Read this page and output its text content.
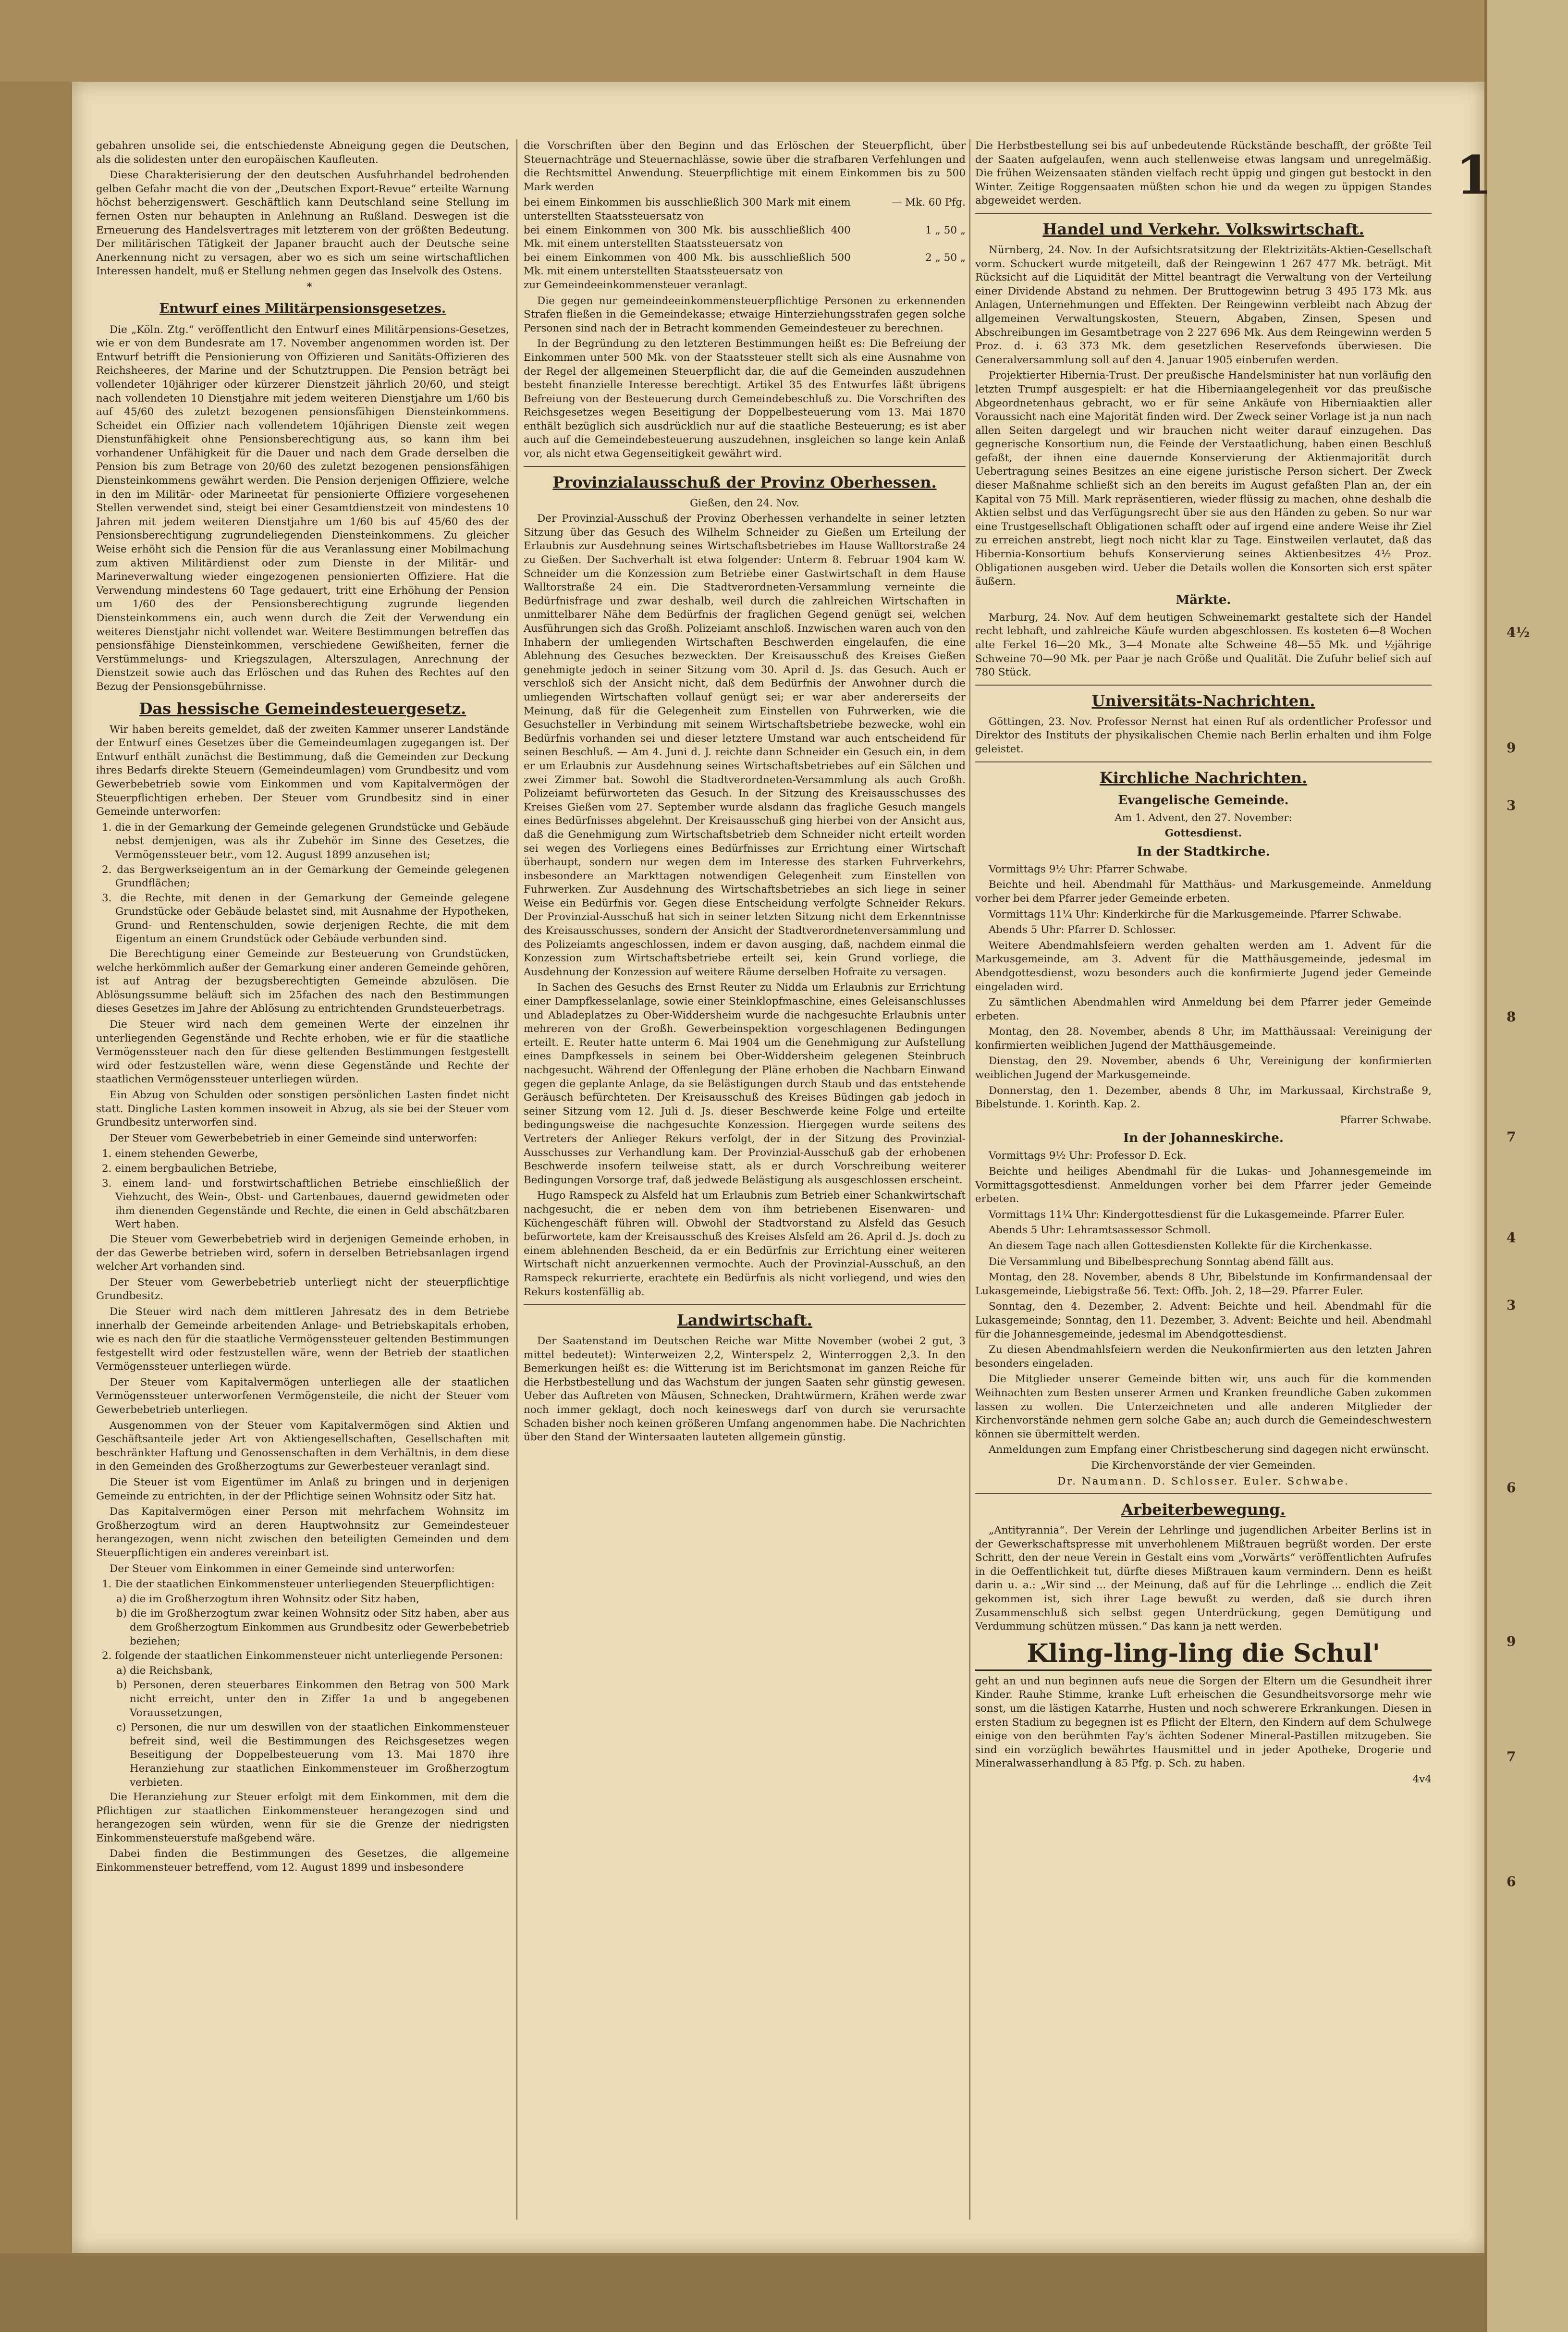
4½
9
3
8
7
4
3
6
9
7
6
1

gebahren unsolide sei, die entschiedenste Abneigung gegen die Deutschen, als die solidesten unter den europäischen Kaufleuten.

Diese Charakterisierung der den deutschen Ausfuhrhandel bedrohenden gelben Gefahr macht die von der „Deutschen Export-Revue“ erteilte Warnung höchst beherzigenswert. Geschäftlich kann Deutschland seine Stellung im fernen Osten nur behaupten in Anlehnung an Rußland. Deswegen ist die Erneuerung des Handelsvertrages mit letzterem von der größten Bedeutung. Der militärischen Tätigkeit der Japaner braucht auch der Deutsche seine Anerkennung nicht zu versagen, aber wo es sich um seine wirtschaftlichen Interessen handelt, muß er Stellung nehmen gegen das Inselvolk des Ostens.

*

Entwurf eines Militärpensionsgesetzes.

Die „Köln. Ztg.“ veröffentlicht den Entwurf eines Militärpensions-Gesetzes, wie er von dem Bundesrate am 17. November angenommen worden ist. Der Entwurf betrifft die Pensionierung von Offizieren und Sanitäts-Offizieren des Reichsheeres, der Marine und der Schutztruppen. Die Pension beträgt bei vollendeter 10jähriger oder kürzerer Dienstzeit jährlich 20/60, und steigt nach vollendeten 10 Dienstjahre mit jedem weiteren Dienstjahre um 1/60 bis auf 45/60 des zuletzt bezogenen pensionsfähigen Diensteinkommens. Scheidet ein Offizier nach vollendetem 10jährigen Dienste zeit wegen Dienstunfähigkeit ohne Pensionsberechtigung aus, so kann ihm bei vorhandener Unfähigkeit für die Dauer und nach dem Grade derselben die Pension bis zum Betrage von 20/60 des zuletzt bezogenen pensionsfähigen Diensteinkommens gewährt werden. Die Pension derjenigen Offiziere, welche in den im Militär- oder Marineetat für pensionierte Offiziere vorgesehenen Stellen verwendet sind, steigt bei einer Gesamtdienstzeit von mindestens 10 Jahren mit jedem weiteren Dienstjahre um 1/60 bis auf 45/60 des der Pensionsberechtigung zugrundeliegenden Diensteinkommens. Zu gleicher Weise erhöht sich die Pension für die aus Veranlassung einer Mobilmachung zum aktiven Militärdienst oder zum Dienste in der Militär- und Marineverwaltung wieder eingezogenen pensionierten Offiziere. Hat die Verwendung mindestens 60 Tage gedauert, tritt eine Erhöhung der Pension um 1/60 des der Pensionsberechtigung zugrunde liegenden Diensteinkommens ein, auch wenn durch die Zeit der Verwendung ein weiteres Dienstjahr nicht vollendet war. Weitere Bestimmungen betreffen das pensionsfähige Diensteinkommen, verschiedene Gewißheiten, ferner die Verstümmelungs- und Kriegszulagen, Alterszulagen, Anrechnung der Dienstzeit sowie auch das Erlöschen und das Ruhen des Rechtes auf den Bezug der Pensionsgebührnisse.

Das hessische Gemeindesteuergesetz.

Wir haben bereits gemeldet, daß der zweiten Kammer unserer Landstände der Entwurf eines Gesetzes über die Gemeindeumlagen zugegangen ist. Der Entwurf enthält zunächst die Bestimmung, daß die Gemeinden zur Deckung ihres Bedarfs direkte Steuern (Gemeindeumlagen) vom Grundbesitz und vom Gewerbebetrieb sowie vom Einkommen und vom Kapitalvermögen der Steuerpflichtigen erheben. Der Steuer vom Grundbesitz sind in einer Gemeinde unterworfen:

1. die in der Gemarkung der Gemeinde gelegenen Grundstücke und Gebäude nebst demjenigen, was als ihr Zubehör im Sinne des Gesetzes, die Vermögenssteuer betr., vom 12. August 1899 anzusehen ist;

2. das Bergwerkseigentum an in der Gemarkung der Gemeinde gelegenen Grundflächen;

3. die Rechte, mit denen in der Gemarkung der Gemeinde gelegene Grundstücke oder Gebäude belastet sind, mit Ausnahme der Hypotheken, Grund- und Rentenschulden, sowie derjenigen Rechte, die mit dem Eigentum an einem Grundstück oder Gebäude verbunden sind.

Die Berechtigung einer Gemeinde zur Besteuerung von Grundstücken, welche herkömmlich außer der Gemarkung einer anderen Gemeinde gehören, ist auf Antrag der bezugsberechtigten Gemeinde abzulösen. Die Ablösungssumme beläuft sich im 25fachen des nach den Bestimmungen dieses Gesetzes im Jahre der Ablösung zu entrichtenden Grundsteuerbetrags.

Die Steuer wird nach dem gemeinen Werte der einzelnen ihr unterliegenden Gegenstände und Rechte erhoben, wie er für die staatliche Vermögenssteuer nach den für diese geltenden Bestimmungen festgestellt wird oder festzustellen wäre, wenn diese Gegenstände und Rechte der staatlichen Vermögenssteuer unterliegen würden.

Ein Abzug von Schulden oder sonstigen persönlichen Lasten findet nicht statt. Dingliche Lasten kommen insoweit in Abzug, als sie bei der Steuer vom Grundbesitz unterworfen sind.

Der Steuer vom Gewerbebetrieb in einer Gemeinde sind unterworfen:

1. einem stehenden Gewerbe,

2. einem bergbaulichen Betriebe,

3. einem land- und forstwirtschaftlichen Betriebe einschließlich der Viehzucht, des Wein-, Obst- und Gartenbaues, dauernd gewidmeten oder ihm dienenden Gegenstände und Rechte, die einen in Geld abschätzbaren Wert haben.

Die Steuer vom Gewerbebetrieb wird in derjenigen Gemeinde erhoben, in der das Gewerbe betrieben wird, sofern in derselben Betriebsanlagen irgend welcher Art vorhanden sind.

Der Steuer vom Gewerbebetrieb unterliegt nicht der steuerpflichtige Grundbesitz.

Die Steuer wird nach dem mittleren Jahresatz des in dem Betriebe innerhalb der Gemeinde arbeitenden Anlage- und Betriebskapitals erhoben, wie es nach den für die staatliche Vermögenssteuer geltenden Bestimmungen festgestellt wird oder festzustellen wäre, wenn der Betrieb der staatlichen Vermögenssteuer unterliegen würde.

Der Steuer vom Kapitalvermögen unterliegen alle der staatlichen Vermögenssteuer unterworfenen Vermögensteile, die nicht der Steuer vom Gewerbebetrieb unterliegen.

Ausgenommen von der Steuer vom Kapitalvermögen sind Aktien und Geschäftsanteile jeder Art von Aktiengesellschaften, Gesellschaften mit beschränkter Haftung und Genossenschaften in dem Verhältnis, in dem diese in den Gemeinden des Großherzogtums zur Gewerbesteuer veranlagt sind.

Die Steuer ist vom Eigentümer im Anlaß zu bringen und in derjenigen Gemeinde zu entrichten, in der der Pflichtige seinen Wohnsitz oder Sitz hat.

Das Kapitalvermögen einer Person mit mehrfachem Wohnsitz im Großherzogtum wird an deren Hauptwohnsitz zur Gemeindesteuer herangezogen, wenn nicht zwischen den beteiligten Gemeinden und dem Steuerpflichtigen ein anderes vereinbart ist.

Der Steuer vom Einkommen in einer Gemeinde sind unterworfen:

1. Die der staatlichen Einkommensteuer unterliegenden Steuerpflichtigen:

a) die im Großherzogtum ihren Wohnsitz oder Sitz haben,

b) die im Großherzogtum zwar keinen Wohnsitz oder Sitz haben, aber aus dem Großherzogtum Einkommen aus Grundbesitz oder Gewerbebetrieb beziehen;

2. folgende der staatlichen Einkommensteuer nicht unterliegende Personen:

a) die Reichsbank,

b) Personen, deren steuerbares Einkommen den Betrag von 500 Mark nicht erreicht, unter den in Ziffer 1a und b angegebenen Voraussetzungen,

c) Personen, die nur um deswillen von der staatlichen Einkommensteuer befreit sind, weil die Bestimmungen des Reichsgesetzes wegen Beseitigung der Doppelbesteuerung vom 13. Mai 1870 ihre Heranziehung zur staatlichen Einkommensteuer im Großherzogtum verbieten.

Die Heranziehung zur Steuer erfolgt mit dem Einkommen, mit dem die Pflichtigen zur staatlichen Einkommensteuer herangezogen sind und herangezogen sein würden, wenn für sie die Grenze der niedrigsten Einkommensteuerstufe maßgebend wäre.

Dabei finden die Bestimmungen des Gesetzes, die allgemeine Einkommensteuer betreffend, vom 12. August 1899 und insbesondere

die Vorschriften über den Beginn und das Erlöschen der Steuerpflicht, über Steuernachträge und Steuernachlässe, sowie über die strafbaren Verfehlungen und die Rechtsmittel Anwendung. Steuerpflichtige mit einem Einkommen bis zu 500 Mark werden

bei einem Einkommen bis ausschließlich 300 Mark mit einem unterstellten Staatssteuersatz von
— Mk. 60 Pfg.
bei einem Einkommen von 300 Mk. bis ausschließlich 400 Mk. mit einem unterstellten Staatssteuersatz von
1 „ 50 „
bei einem Einkommen von 400 Mk. bis ausschließlich 500 Mk. mit einem unterstellten Staatssteuersatz von
2 „ 50 „

zur Gemeindeeinkommensteuer veranlagt.

Die gegen nur gemeindeeinkommensteuerpflichtige Personen zu erkennenden Strafen fließen in die Gemeindekasse; etwaige Hinterziehungsstrafen gegen solche Personen sind nach der in Betracht kommenden Gemeindesteuer zu berechnen.

In der Begründung zu den letzteren Bestimmungen heißt es: Die Befreiung der Einkommen unter 500 Mk. von der Staatssteuer stellt sich als eine Ausnahme von der Regel der allgemeinen Steuerpflicht dar, die auf die Gemeinden auszudehnen besteht finanzielle Interesse berechtigt. Artikel 35 des Entwurfes läßt übrigens Befreiung von der Besteuerung durch Gemeindebeschluß zu. Die Vorschriften des Reichsgesetzes wegen Beseitigung der Doppelbesteuerung vom 13. Mai 1870 enthält bezüglich sich ausdrücklich nur auf die staatliche Besteuerung; es ist aber auch auf die Gemeindebesteuerung auszudehnen, insgleichen so lange kein Anlaß vor, als nicht etwa Gegenseitigkeit gewährt wird.

Provinzialausschuß der Provinz Oberhessen.

Gießen, den 24. Nov.

Der Provinzial-Ausschuß der Provinz Oberhessen verhandelte in seiner letzten Sitzung über das Gesuch des Wilhelm Schneider zu Gießen um Erteilung der Erlaubnis zur Ausdehnung seines Wirtschaftsbetriebes im Hause Walltorstraße 24 zu Gießen. Der Sachverhalt ist etwa folgender: Unterm 8. Februar 1904 kam W. Schneider um die Konzession zum Betriebe einer Gastwirtschaft in dem Hause Walltorstraße 24 ein. Die Stadtverordneten-Versammlung verneinte die Bedürfnisfrage und zwar deshalb, weil durch die zahlreichen Wirtschaften in unmittelbarer Nähe dem Bedürfnis der fraglichen Gegend genügt sei, welchen Ausführungen sich das Großh. Polizeiamt anschloß. Inzwischen waren auch von den Inhabern der umliegenden Wirtschaften Beschwerden eingelaufen, die eine Ablehnung des Gesuches bezweckten. Der Kreisausschuß des Kreises Gießen genehmigte jedoch in seiner Sitzung vom 30. April d. Js. das Gesuch. Auch er verschloß sich der Ansicht nicht, daß dem Bedürfnis der Anwohner durch die umliegenden Wirtschaften vollauf genügt sei; er war aber andererseits der Meinung, daß für die Gelegenheit zum Einstellen von Fuhrwerken, wie die Gesuchsteller in Verbindung mit seinem Wirtschaftsbetriebe bezwecke, wohl ein Bedürfnis vorhanden sei und dieser letztere Umstand war auch entscheidend für seinen Beschluß. — Am 4. Juni d. J. reichte dann Schneider ein Gesuch ein, in dem er um Erlaubnis zur Ausdehnung seines Wirtschaftsbetriebes auf ein Sälchen und zwei Zimmer bat. Sowohl die Stadtverordneten-Versammlung als auch Großh. Polizeiamt befürworteten das Gesuch. In der Sitzung des Kreisausschusses des Kreises Gießen vom 27. September wurde alsdann das fragliche Gesuch mangels eines Bedürfnisses abgelehnt. Der Kreisausschuß ging hierbei von der Ansicht aus, daß die Genehmigung zum Wirtschaftsbetrieb dem Schneider nicht erteilt worden sei wegen des Vorliegens eines Bedürfnisses zur Errichtung einer Wirtschaft überhaupt, sondern nur wegen dem im Interesse des starken Fuhrverkehrs, insbesondere an Markttagen notwendigen Gelegenheit zum Einstellen von Fuhrwerken. Zur Ausdehnung des Wirtschaftsbetriebes an sich liege in seiner Weise ein Bedürfnis vor. Gegen diese Entscheidung verfolgte Schneider Rekurs. Der Provinzial-Ausschuß hat sich in seiner letzten Sitzung nicht dem Erkenntnisse des Kreisausschusses, sondern der Ansicht der Stadtverordnetenversammlung und des Polizeiamts angeschlossen, indem er davon ausging, daß, nachdem einmal die Konzession zum Wirtschaftsbetriebe erteilt sei, kein Grund vorliege, die Ausdehnung der Konzession auf weitere Räume derselben Hofraite zu versagen.

In Sachen des Gesuchs des Ernst Reuter zu Nidda um Erlaubnis zur Errichtung einer Dampfkesselanlage, sowie einer Steinklopfmaschine, eines Geleisanschlusses und Abladeplatzes zu Ober-Widdersheim wurde die nachgesuchte Erlaubnis unter mehreren von der Großh. Gewerbeinspektion vorgeschlagenen Bedingungen erteilt. E. Reuter hatte unterm 6. Mai 1904 um die Genehmigung zur Aufstellung eines Dampfkessels in seinem bei Ober-Widdersheim gelegenen Steinbruch nachgesucht. Während der Offenlegung der Pläne erhoben die Nachbarn Einwand gegen die geplante Anlage, da sie Belästigungen durch Staub und das entstehende Geräusch befürchteten. Der Kreisausschuß des Kreises Büdingen gab jedoch in seiner Sitzung vom 12. Juli d. Js. dieser Beschwerde keine Folge und erteilte bedingungsweise die nachgesuchte Konzession. Hiergegen wurde seitens des Vertreters der Anlieger Rekurs verfolgt, der in der Sitzung des Provinzial-Ausschusses zur Verhandlung kam. Der Provinzial-Ausschuß gab der erhobenen Beschwerde insofern teilweise statt, als er durch Vorschreibung weiterer Bedingungen Vorsorge traf, daß jedwede Belästigung als ausgeschlossen erscheint.

Hugo Ramspeck zu Alsfeld hat um Erlaubnis zum Betrieb einer Schankwirtschaft nachgesucht, die er neben dem von ihm betriebenen Eisenwaren- und Küchengeschäft führen will. Obwohl der Stadtvorstand zu Alsfeld das Gesuch befürwortete, kam der Kreisausschuß des Kreises Alsfeld am 26. April d. Js. doch zu einem ablehnenden Bescheid, da er ein Bedürfnis zur Errichtung einer weiteren Wirtschaft nicht anzuerkennen vermochte. Auch der Provinzial-Ausschuß, an den Ramspeck rekurrierte, erachtete ein Bedürfnis als nicht vorliegend, und wies den Rekurs kostenfällig ab.

Landwirtschaft.

Der Saatenstand im Deutschen Reiche war Mitte November (wobei 2 gut, 3 mittel bedeutet): Winterweizen 2,2, Winterspelz 2, Winterroggen 2,3. In den Bemerkungen heißt es: die Witterung ist im Berichtsmonat im ganzen Reiche für die Herbstbestellung und das Wachstum der jungen Saaten sehr günstig gewesen. Ueber das Auftreten von Mäusen, Schnecken, Drahtwürmern, Krähen werde zwar noch immer geklagt, doch noch keineswegs darf von durch sie verursachte Schaden bisher noch keinen größeren Umfang angenommen habe. Die Nachrichten über den Stand der Wintersaaten lauteten allgemein günstig.

Die Herbstbestellung sei bis auf unbedeutende Rückstände beschafft, der größte Teil der Saaten aufgelaufen, wenn auch stellenweise etwas langsam und unregelmäßig. Die frühen Weizensaaten ständen vielfach recht üppig und gingen gut bestockt in den Winter. Zeitige Roggensaaten müßten schon hie und da wegen zu üppigen Standes abgeweidet werden.

Handel und Verkehr. Volkswirtschaft.

Nürnberg, 24. Nov. In der Aufsichtsratsitzung der Elektrizitäts-Aktien-Gesellschaft vorm. Schuckert wurde mitgeteilt, daß der Reingewinn 1 267 477 Mk. beträgt. Mit Rücksicht auf die Liquidität der Mittel beantragt die Verwaltung von der Verteilung einer Dividende Abstand zu nehmen. Der Bruttogewinn betrug 3 495 173 Mk. aus Anlagen, Unternehmungen und Effekten. Der Reingewinn verbleibt nach Abzug der allgemeinen Verwaltungskosten, Steuern, Abgaben, Zinsen, Spesen und Abschreibungen im Gesamtbetrage von 2 227 696 Mk. Aus dem Reingewinn werden 5 Proz. d. i. 63 373 Mk. dem gesetzlichen Reservefonds überwiesen. Die Generalversammlung soll auf den 4. Januar 1905 einberufen werden.

Projektierter Hibernia-Trust. Der preußische Handelsminister hat nun vorläufig den letzten Trumpf ausgespielt: er hat die Hiberniaangelegenheit vor das preußische Abgeordnetenhaus gebracht, wo er für seine Ankäufe von Hiberniaaktien aller Voraussicht nach eine Majorität finden wird. Der Zweck seiner Vorlage ist ja nun nach allen Seiten dargelegt und wir brauchen nicht weiter darauf einzugehen. Das gegnerische Konsortium nun, die Feinde der Verstaatlichung, haben einen Beschluß gefaßt, der ihnen eine dauernde Konservierung der Aktienmajorität durch Uebertragung seines Besitzes an eine eigene juristische Person sichert. Der Zweck dieser Maßnahme schließt sich an den bereits im August gefaßten Plan an, der ein Kapital von 75 Mill. Mark repräsentieren, wieder flüssig zu machen, ohne deshalb die Aktien selbst und das Verfügungsrecht über sie aus den Händen zu geben. So nur war eine Trustgesellschaft Obligationen schafft oder auf irgend eine andere Weise ihr Ziel zu erreichen anstrebt, liegt noch nicht klar zu Tage. Einstweilen verlautet, daß das Hibernia-Konsortium behufs Konservierung seines Aktienbesitzes 4½ Proz. Obligationen ausgeben wird. Ueber die Details wollen die Konsorten sich erst später äußern.

Märkte.

Marburg, 24. Nov. Auf dem heutigen Schweinemarkt gestaltete sich der Handel recht lebhaft, und zahlreiche Käufe wurden abgeschlossen. Es kosteten 6—8 Wochen alte Ferkel 16—20 Mk., 3—4 Monate alte Schweine 48—55 Mk. und ½jährige Schweine 70—90 Mk. per Paar je nach Größe und Qualität. Die Zufuhr belief sich auf 780 Stück.

Universitäts-Nachrichten.

Göttingen, 23. Nov. Professor Nernst hat einen Ruf als ordentlicher Professor und Direktor des Instituts der physikalischen Chemie nach Berlin erhalten und ihm Folge geleistet.

Kirchliche Nachrichten.
Evangelische Gemeinde.

Am 1. Advent, den 27. November:

Gottesdienst.

In der Stadtkirche.

Vormittags 9½ Uhr: Pfarrer Schwabe.

Beichte und heil. Abendmahl für Matthäus- und Markusgemeinde. Anmeldung vorher bei dem Pfarrer jeder Gemeinde erbeten.

Vormittags 11¼ Uhr: Kinderkirche für die Markusgemeinde. Pfarrer Schwabe.

Abends 5 Uhr: Pfarrer D. Schlosser.

Weitere Abendmahlsfeiern werden gehalten werden am 1. Advent für die Markusgemeinde, am 3. Advent für die Matthäusgemeinde, jedesmal im Abendgottesdienst, wozu besonders auch die konfirmierte Jugend jeder Gemeinde eingeladen wird.

Zu sämtlichen Abendmahlen wird Anmeldung bei dem Pfarrer jeder Gemeinde erbeten.

Montag, den 28. November, abends 8 Uhr, im Matthäussaal: Vereinigung der konfirmierten weiblichen Jugend der Matthäusgemeinde.

Dienstag, den 29. November, abends 6 Uhr, Vereinigung der konfirmierten weiblichen Jugend der Markusgemeinde.

Donnerstag, den 1. Dezember, abends 8 Uhr, im Markussaal, Kirchstraße 9, Bibelstunde. 1. Korinth. Kap. 2.

Pfarrer Schwabe.

In der Johanneskirche.

Vormittags 9½ Uhr: Professor D. Eck.

Beichte und heiliges Abendmahl für die Lukas- und Johannesgemeinde im Vormittagsgottesdienst. Anmeldungen vorher bei dem Pfarrer jeder Gemeinde erbeten.

Vormittags 11¼ Uhr: Kindergottesdienst für die Lukasgemeinde. Pfarrer Euler.

Abends 5 Uhr: Lehramtsassessor Schmoll.

An diesem Tage nach allen Gottesdiensten Kollekte für die Kirchenkasse.

Die Versammlung und Bibelbesprechung Sonntag abend fällt aus.

Montag, den 28. November, abends 8 Uhr, Bibelstunde im Konfirmandensaal der Lukasgemeinde, Liebigstraße 56. Text: Offb. Joh. 2, 18—29. Pfarrer Euler.

Sonntag, den 4. Dezember, 2. Advent: Beichte und heil. Abendmahl für die Lukasgemeinde; Sonntag, den 11. Dezember, 3. Advent: Beichte und heil. Abendmahl für die Johannesgemeinde, jedesmal im Abendgottesdienst.

Zu diesen Abendmahlsfeiern werden die Neukonfirmierten aus den letzten Jahren besonders eingeladen.

Die Mitglieder unserer Gemeinde bitten wir, uns auch für die kommenden Weihnachten zum Besten unserer Armen und Kranken freundliche Gaben zukommen lassen zu wollen. Die Unterzeichneten und alle anderen Mitglieder der Kirchenvorstände nehmen gern solche Gabe an; auch durch die Gemeindeschwestern können sie übermittelt werden.

Anmeldungen zum Empfang einer Christbescherung sind dagegen nicht erwünscht.

Die Kirchenvorstände der vier Gemeinden.

Dr. Naumann. D. Schlosser. Euler. Schwabe.

Arbeiterbewegung.

„Antityrannia“. Der Verein der Lehrlinge und jugendlichen Arbeiter Berlins ist in der Gewerkschaftspresse mit unverhohlenem Mißtrauen begrüßt worden. Der erste Schritt, den der neue Verein in Gestalt eins vom „Vorwärts“ veröffentlichten Aufrufes in die Oeffentlichkeit tut, dürfte dieses Mißtrauen kaum vermindern. Denn es heißt darin u. a.: „Wir sind ... der Meinung, daß auf für die Lehrlinge ... endlich die Zeit gekommen ist, sich ihrer Lage bewußt zu werden, daß sie durch ihren Zusammenschluß sich selbst gegen Unterdrückung, gegen Demütigung und Verdummung schützen müssen.“ Das kann ja nett werden.

Kling-ling-ling die Schul'

geht an und nun beginnen aufs neue die Sorgen der Eltern um die Gesundheit ihrer Kinder. Rauhe Stimme, kranke Luft erheischen die Gesundheitsvorsorge mehr wie sonst, um die lästigen Katarrhe, Husten und noch schwerere Erkrankungen. Diesen in ersten Stadium zu begegnen ist es Pflicht der Eltern, den Kindern auf dem Schulwege einige von den berühmten Fay's ächten Sodener Mineral-Pastillen mitzugeben. Sie sind ein vorzüglich bewährtes Hausmittel und in jeder Apotheke, Drogerie und Mineralwasserhandlung à 85 Pfg. p. Sch. zu haben.

4v4
